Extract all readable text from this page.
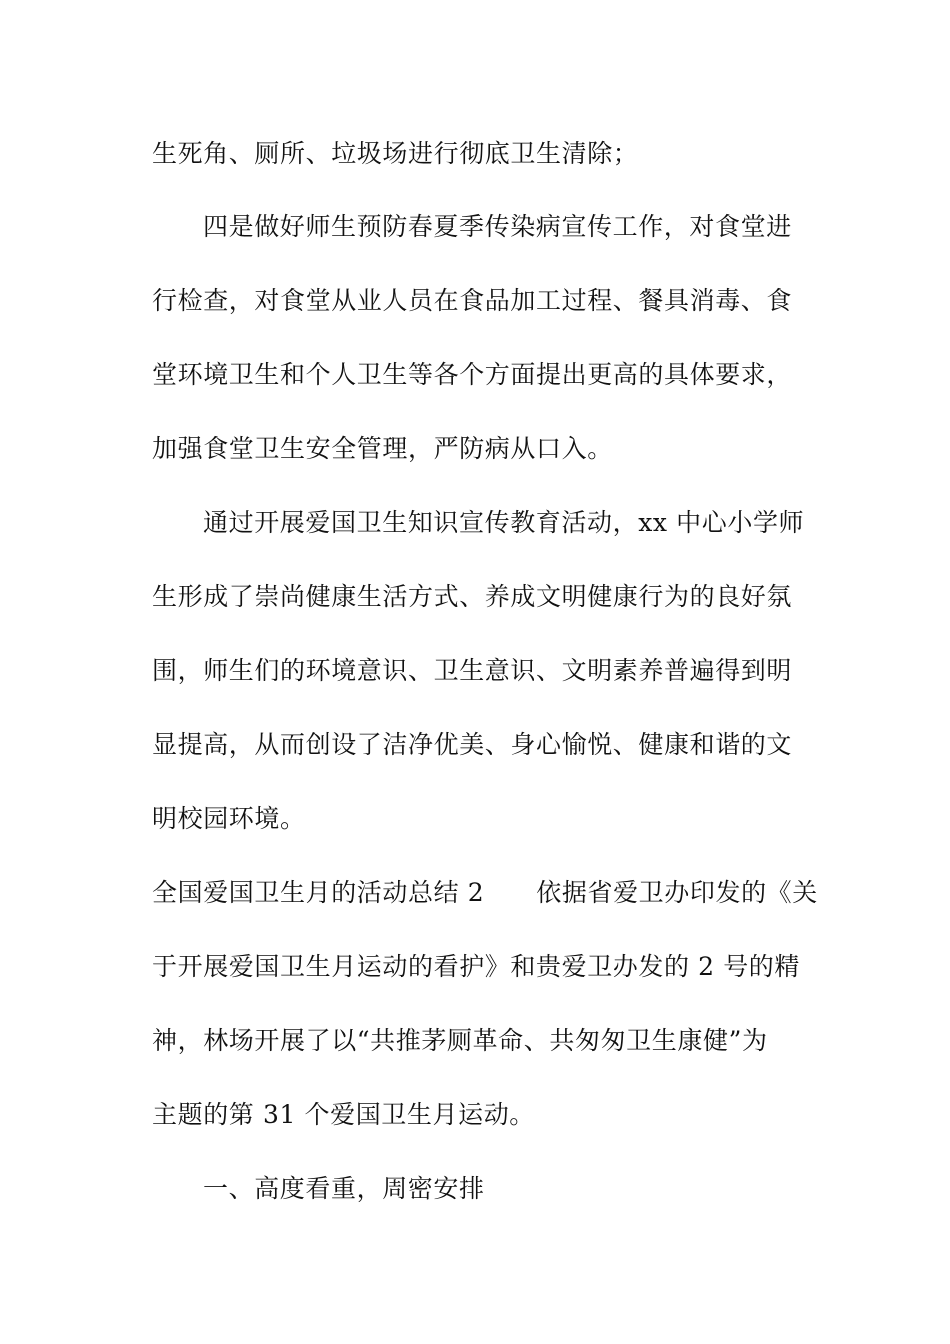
生死角、厕所、垃圾场进行彻底卫生清除；
四是做好师生预防春夏季传染病宣传工作，对食堂进
行检查，对食堂从业人员在食品加工过程、餐具消毒、食
堂环境卫生和个人卫生等各个方面提出更高的具体要求，
加强食堂卫生安全管理，严防病从口入。
通过开展爱国卫生知识宣传教育活动，xx 中心小学师
生形成了崇尚健康生活方式、养成文明健康行为的良好氛
围，师生们的环境意识、卫生意识、文明素养普遍得到明
显提高，从而创设了洁净优美、身心愉悦、健康和谐的文
明校园环境。
全国爱国卫生月的活动总结 2 依据省爱卫办印发的《关
于开展爱国卫生月运动的看护》和贵爱卫办发的 2 号的精
神，林场开展了以“共推茅厕革命、共匆匆卫生康健”为
主题的第 31 个爱国卫生月运动。
一、高度看重，周密安排
